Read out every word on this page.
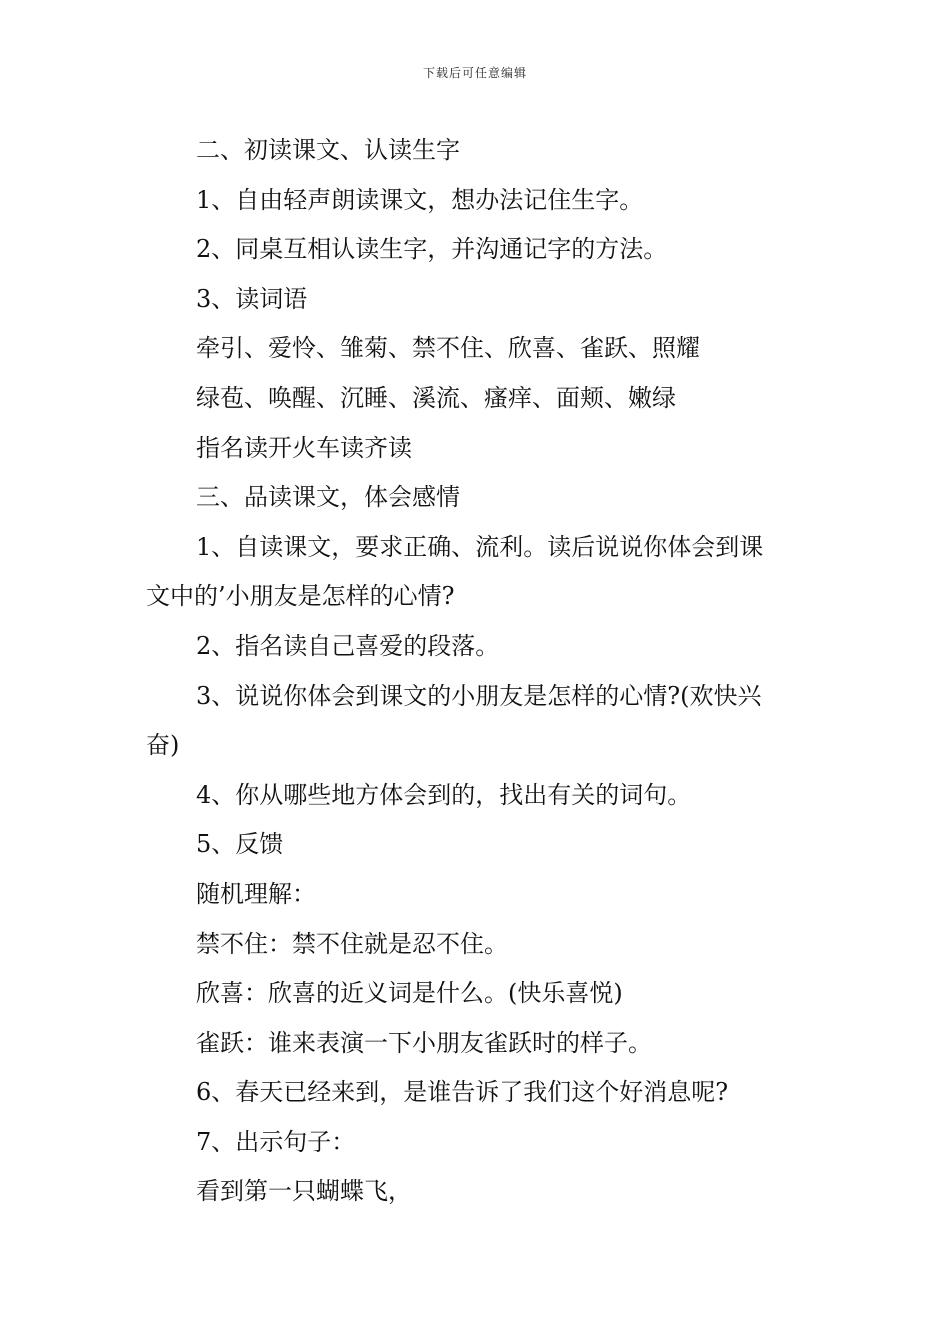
下载后可任意编辑

二、初读课文、认读生字

1、自由轻声朗读课文，想办法记住生字。

2、同桌互相认读生字，并沟通记字的方法。

3、读词语

牵引、爱怜、雏菊、禁不住、欣喜、雀跃、照耀

绿苞、唤醒、沉睡、溪流、瘙痒、面颊、嫩绿

指名读开火车读齐读

三、品读课文，体会感情

1、自读课文，要求正确、流利。读后说说你体会到课

文中的’小朋友是怎样的心情?

2、指名读自己喜爱的段落。

3、说说你体会到课文的小朋友是怎样的心情?(欢快兴

奋)

4、你从哪些地方体会到的，找出有关的词句。

5、反馈

随机理解：

禁不住：禁不住就是忍不住。

欣喜：欣喜的近义词是什么。(快乐喜悦)

雀跃：谁来表演一下小朋友雀跃时的样子。

6、春天已经来到，是谁告诉了我们这个好消息呢?

7、出示句子：

看到第一只蝴蝶飞，
